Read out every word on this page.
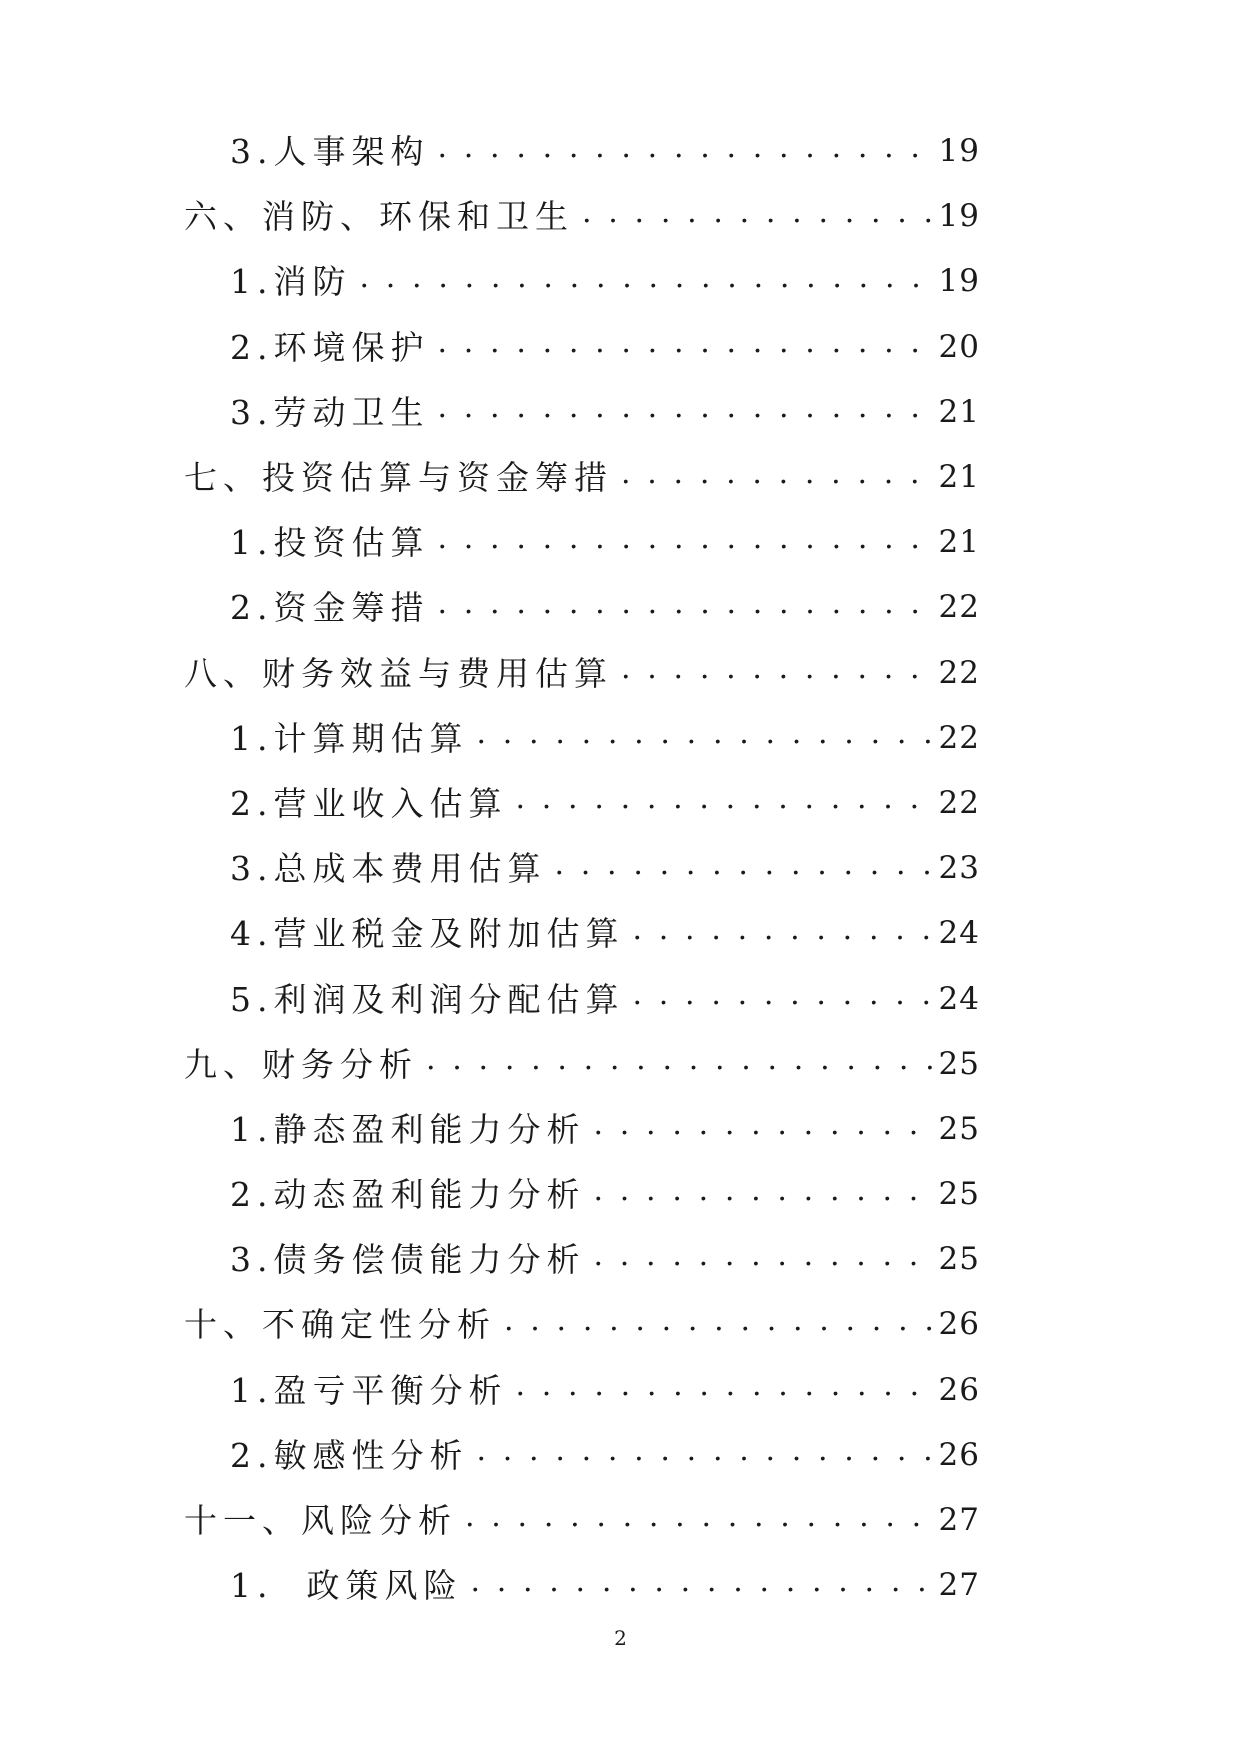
3.人事架构 . . .	19
六、消防、环保和卫生 . . .	19
1.消防 . . .	19
2.环境保护 . . .	20
3.劳动卫生 . . .	21
七、投资估算与资金筹措 . . .	21
1.投资估算 . . .	21
2.资金筹措 . . .	22
八、财务效益与费用估算 . . .	22
1.计算期估算 . . .	22
2.营业收入估算 . . .	22
3.总成本费用估算 . . .	23
4.营业税金及附加估算 . . .	24
5.利润及利润分配估算 . . .	24
九、财务分析 . . .	25
1.静态盈利能力分析 . . .	25
2.动态盈利能力分析 . . .	25
3.债务偿债能力分析 . . .	25
十、不确定性分析 . . .	26
1.盈亏平衡分析 . . .	26
2.敏感性分析 . . .	26
十一、风险分析 . . .	27
1.  政策风险 . . .	27
2
